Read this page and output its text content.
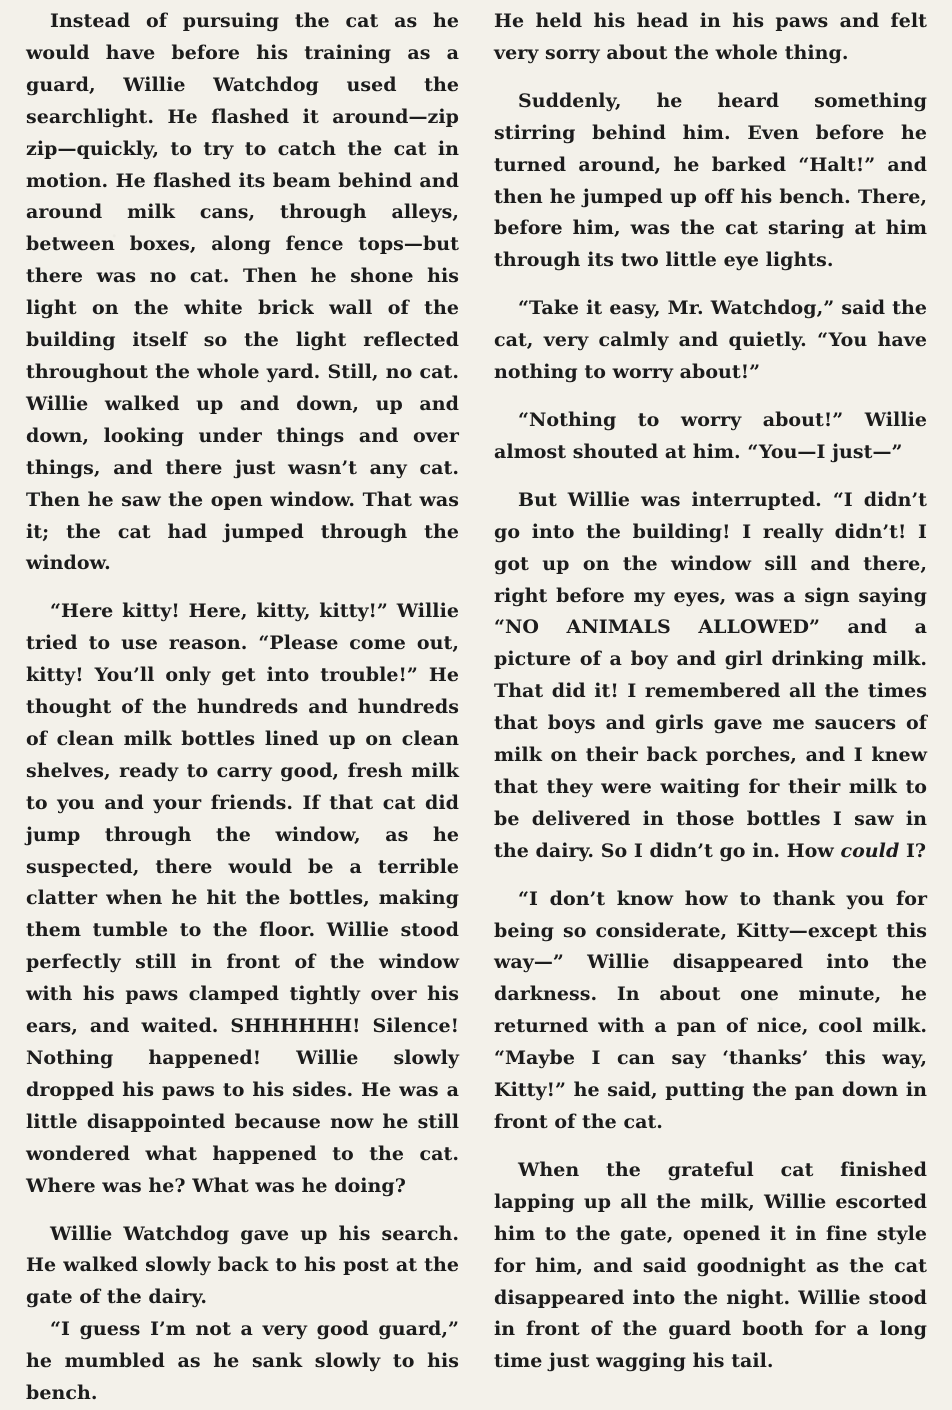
Instead of pursuing the cat as he would have before his training as a guard, Willie Watchdog used the searchlight. He flashed it around—zip zip—quickly, to try to catch the cat in motion. He flashed its beam behind and around milk cans, through alleys, between boxes, along fence tops—but there was no cat. Then he shone his light on the white brick wall of the building itself so the light reflected throughout the whole yard. Still, no cat. Willie walked up and down, up and down, looking under things and over things, and there just wasn’t any cat. Then he saw the open window. That was it; the cat had jumped through the window.

“Here kitty! Here, kitty, kitty!” Willie tried to use reason. “Please come out, kitty! You’ll only get into trouble!” He thought of the hundreds and hundreds of clean milk bottles lined up on clean shelves, ready to carry good, fresh milk to you and your friends. If that cat did jump through the window, as he suspected, there would be a terrible clatter when he hit the bottles, making them tumble to the floor. Willie stood perfectly still in front of the window with his paws clamped tightly over his ears, and waited. SHHHHHH! Silence! Nothing happened! Willie slowly dropped his paws to his sides. He was a little disappointed because now he still wondered what happened to the cat. Where was he? What was he doing?

Willie Watchdog gave up his search. He walked slowly back to his post at the gate of the dairy.

“I guess I’m not a very good guard,” he mumbled as he sank slowly to his bench.

He held his head in his paws and felt very sorry about the whole thing.

Suddenly, he heard something stirring behind him. Even before he turned around, he barked “Halt!” and then he jumped up off his bench. There, before him, was the cat staring at him through its two little eye lights.

“Take it easy, Mr. Watchdog,” said the cat, very calmly and quietly. “You have nothing to worry about!”

“Nothing to worry about!” Willie almost shouted at him. “You—I just—”

But Willie was interrupted. “I didn’t go into the building! I really didn’t! I got up on the window sill and there, right before my eyes, was a sign saying “NO ANIMALS ALLOWED” and a picture of a boy and girl drinking milk. That did it! I remembered all the times that boys and girls gave me saucers of milk on their back porches, and I knew that they were waiting for their milk to be delivered in those bottles I saw in the dairy. So I didn’t go in. How could I?

“I don’t know how to thank you for being so considerate, Kitty—except this way—” Willie disappeared into the darkness. In about one minute, he returned with a pan of nice, cool milk. “Maybe I can say ‘thanks’ this way, Kitty!” he said, putting the pan down in front of the cat.

When the grateful cat finished lapping up all the milk, Willie escorted him to the gate, opened it in fine style for him, and said goodnight as the cat disappeared into the night. Willie stood in front of the guard booth for a long time just wagging his tail.
